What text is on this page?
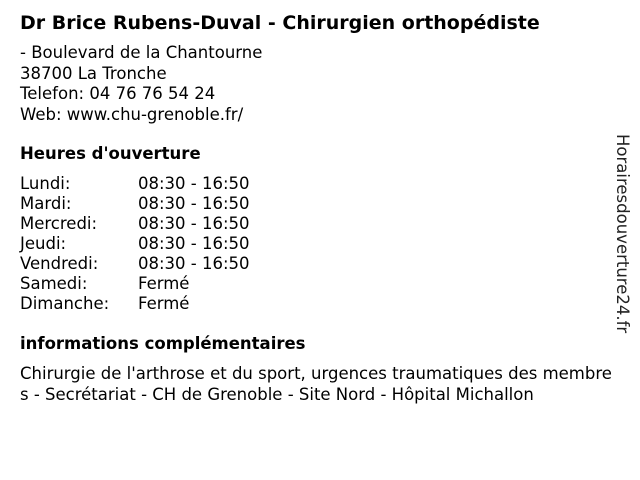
Dr Brice Rubens-Duval - Chirurgien orthopédiste
- Boulevard de la Chantourne
38700 La Tronche
Telefon: 04 76 76 54 24
Web: www.chu-grenoble.fr/
Heures d'ouverture
Lundi:	08:30 - 16:50
Mardi:	08:30 - 16:50
Mercredi: 08:30 - 16:50
Jeudi:	08:30 - 16:50
Vendredi: 08:30 - 16:50
Samedi:	Fermé
Dimanche: Fermé
informations complémentaires
Chirurgie de l'arthrose et du sport, urgences traumatiques des membres - Secrétariat - CH de Grenoble - Site Nord - Hôpital Michallon
Horairesdouverture24.fr
